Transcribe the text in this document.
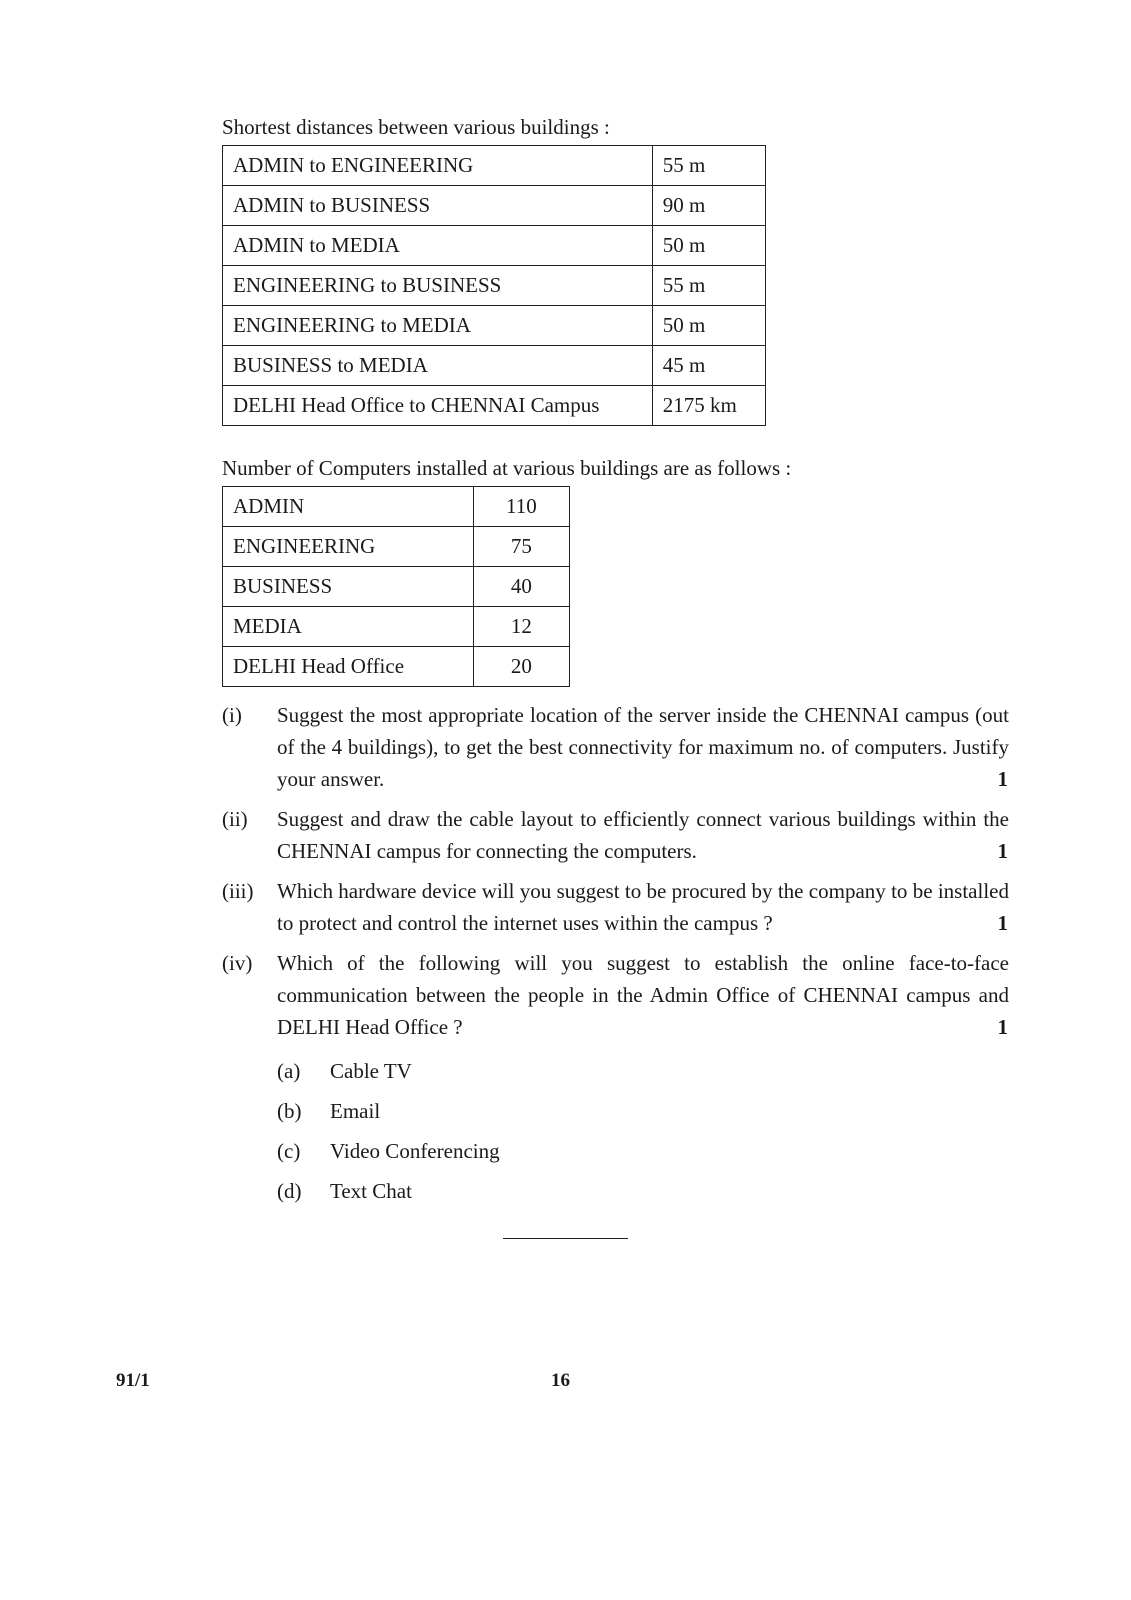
Shortest distances between various buildings :
ADMIN to ENGINEERING	55 m
ADMIN to BUSINESS	90 m
ADMIN to MEDIA	50 m
ENGINEERING to BUSINESS	55 m
ENGINEERING to MEDIA	50 m
BUSINESS to MEDIA	45 m
DELHI Head Office to CHENNAI Campus	2175 km
Number of Computers installed at various buildings are as follows :
ADMIN	110
ENGINEERING	75
BUSINESS	40
MEDIA	12
DELHI Head Office	20
(i) Suggest the most appropriate location of the server inside the CHENNAI campus (out of the 4 buildings), to get the best connectivity for maximum no. of computers. Justify your answer.	1
(ii) Suggest and draw the cable layout to efficiently connect various buildings within the CHENNAI campus for connecting the computers.	1
(iii) Which hardware device will you suggest to be procured by the company to be installed to protect and control the internet uses within the campus ?	1
(iv) Which of the following will you suggest to establish the online face-to-face communication between the people in the Admin Office of CHENNAI campus and DELHI Head Office ?	1
(a) Cable TV
(b) Email
(c) Video Conferencing
(d) Text Chat
91/1	16
